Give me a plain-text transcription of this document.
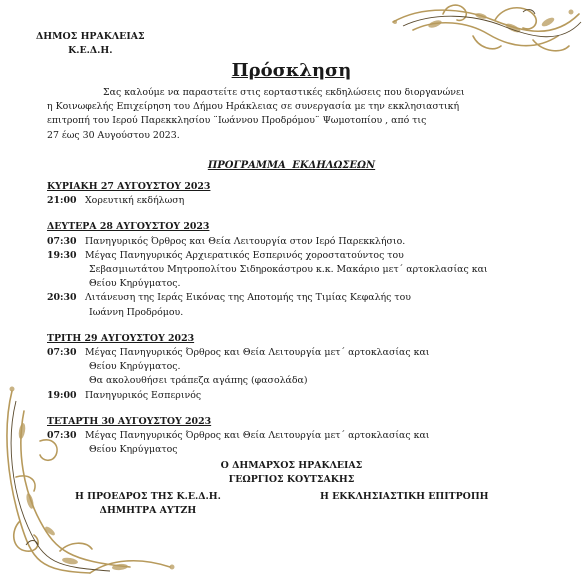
ΔΗΜΟΣ ΗΡΑΚΛΕΙΑΣ
Κ.Ε.Δ.Η.
Πρόσκληση
Σας καλούμε να παραστείτε στις εορταστικές εκδηλώσεις που διοργανώνει
η Κοινωφελής Επιχείρηση του Δήμου Ηράκλειας σε συνεργασία με την εκκλησιαστική
επιτροπή του Ιερού Παρεκκλησίου ¨Ιωάννου Προδρόμου¨ Ψωμοτοπίου , από τις
27 έως 30 Αυγούστου 2023.
ΠΡΟΓΡΑΜΜΑ ΕΚΔΗΛΩΣΕΩΝ
ΚΥΡΙΑΚΗ 27 ΑΥΓΟΥΣΤΟΥ 2023
21:00 Χορευτική εκδήλωση
ΔΕΥΤΕΡΑ 28 ΑΥΓΟΥΣΤΟΥ 2023
07:30 Πανηγυρικός Όρθρος και Θεία Λειτουργία στον Ιερό Παρεκκλήσιο.
19:30 Μέγας Πανηγυρικός Αρχιερατικός Εσπερινός χοροστατούντος του
Σεβασμιωτάτου Μητροπολίτου Σιδηροκάστρου κ.κ. Μακάριο μετ΄ αρτοκλασίας και
Θείου Κηρύγματος.
20:30 Λιτάνευση της Ιεράς Εικόνας της Αποτομής της Τιμίας Κεφαλής του
Ιωάννη Προδρόμου.
ΤΡΙΤΗ 29 ΑΥΓΟΥΣΤΟΥ 2023
07:30 Μέγας Πανηγυρικός Όρθρος και Θεία Λειτουργία μετ΄ αρτοκλασίας και
Θείου Κηρύγματος.
Θα ακολουθήσει τράπεζα αγάπης (φασολάδα)
19:00 Πανηγυρικός Εσπερινός
ΤΕΤΑΡΤΗ 30 ΑΥΓΟΥΣΤΟΥ 2023
07:30 Μέγας Πανηγυρικός Όρθρος και Θεία Λειτουργία μετ΄ αρτοκλασίας και
Θείου Κηρύγματος
Ο ΔΗΜΑΡΧΟΣ ΗΡΑΚΛΕΙΑΣ
ΓΕΩΡΓΙΟΣ ΚΟΥΤΣΑΚΗΣ
Η ΠΡΟΕΔΡΟΣ ΤΗΣ Κ.Ε.Δ.Η.
ΔΗΜΗΤΡΑ ΑΥΤΖΗ
Η ΕΚΚΛΗΣΙΑΣΤΙΚΗ ΕΠΙΤΡΟΠΗ
